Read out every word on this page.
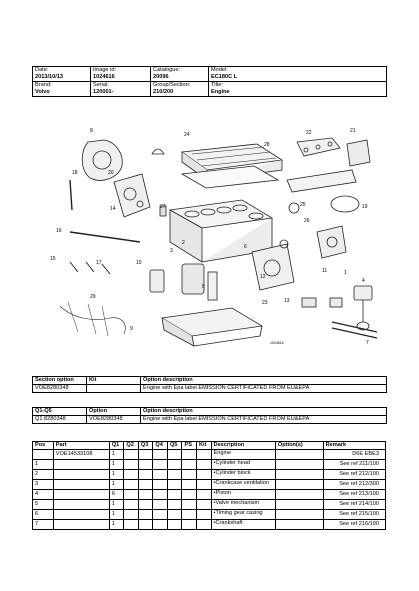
Date:
2013/10/13	Image id:
1024616	Catalogue:
20096	Model:
EC180C L

Brand:
Volvo	Serial:
120001-	Group/Section:
210/200	Title:
Engine
8
24
28
22	21
18	20
14	27	19
25
26
16
2
6
15
17	10
3
5
12
11	1
23	13
4
29
9
7
1024616
Section option	Kit	Option description
VOE8280348		Engine with Epa label EMISSION CERTIFICATED FROM EU&EPA
Q1-Q5	Option	Option description
Q1 8280348	VOE8280348	Engine with Epa label EMISSION CERTIFICATED FROM EU&EPA
Pos	Part	Q1	Q2	Q3	Q4	Q5	PS	Kit	Description	Option(s)	Remark
	VOE14533108	1							Engine		D6E EBE3
1		1							•Cylinder head		See ref 211/100
2		1							•Cylinder block		See ref 212/100
3		1							•Crankcase ventilation		See ref 212/300
4		6							•Piston		See ref 213/100
5		1							•Valve mechanism		See ref 214/100
6		1							•Timing gear casing		See ref 215/100
7		1							•Crankshaft		See ref 216/100
